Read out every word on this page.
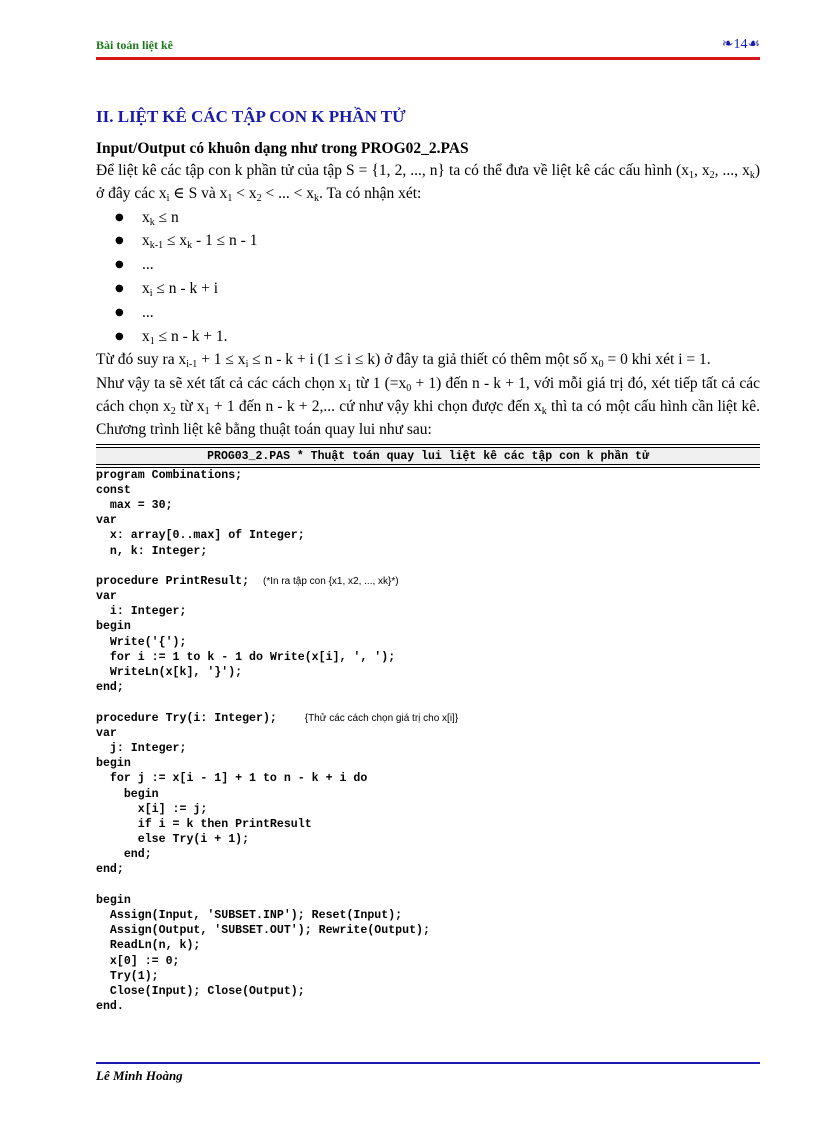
Bài toán liệt kê	❧14☙
II. LIỆT KÊ CÁC TẬP CON K PHẦN TỬ
Input/Output có khuôn dạng như trong PROG02_2.PAS

Để liệt kê các tập con k phần tử của tập S = {1, 2, ..., n} ta có thể đưa về liệt kê các cấu hình ($x_1$, $x_2$, ..., $x_k$) ở đây các $x_i$ ∈ S và $x_1 < x_2$ < ... < $x_k$. Ta có nhận xét:

● $x_k \le n$
● $x_{k-1} \le x_k - 1 \le n - 1$
● ...
● $x_i \le n - k + i$
● ...
● $x_1 \le n - k + 1$.

Từ đó suy ra $x_{i-1} + 1 \le x_i \le n - k + i$ (1 ≤ i ≤ k) ở đây ta giả thiết có thêm một số $x_0 = 0$ khi xét i = 1.

Như vậy ta sẽ xét tất cả các cách chọn $x_1$ từ 1 $(=x_0 + 1)$ đến n - k + 1, với mỗi giá trị đó, xét tiếp tất cả các cách chọn $x_2$ từ $x_1 + 1$ đến n - k + 2,... cứ như vậy khi chọn được đến $x_k$ thì ta có một cấu hình cần liệt kê. Chương trình liệt kê bằng thuật toán quay lui như sau:

PROG03_2.PAS * Thuật toán quay lui liệt kê các tập con k phần tử
program Combinations;
const
max = 30;
var
x: array[0..max] of Integer;
n, k: Integer;

procedure PrintResult;  (*In ra tập con {x1, x2, ..., xk}*)
var
i: Integer;
begin
Write('{');
for i := 1 to k - 1 do Write(x[i], ', ');
WriteLn(x[k], '}');
end;

procedure Try(i: Integer);    {Thử các cách chọn giá trị cho x[i]}
var
j: Integer;
begin
for j := x[i - 1] + 1 to n - k + i do
begin
x[i] := j;
if i = k then PrintResult
else Try(i + 1);
end;
end;

begin
Assign(Input, 'SUBSET.INP'); Reset(Input);
Assign(Output, 'SUBSET.OUT'); Rewrite(Output);
ReadLn(n, k);
x[0] := 0;
Try(1);
Close(Input); Close(Output);
end.
Lê Minh Hoàng
